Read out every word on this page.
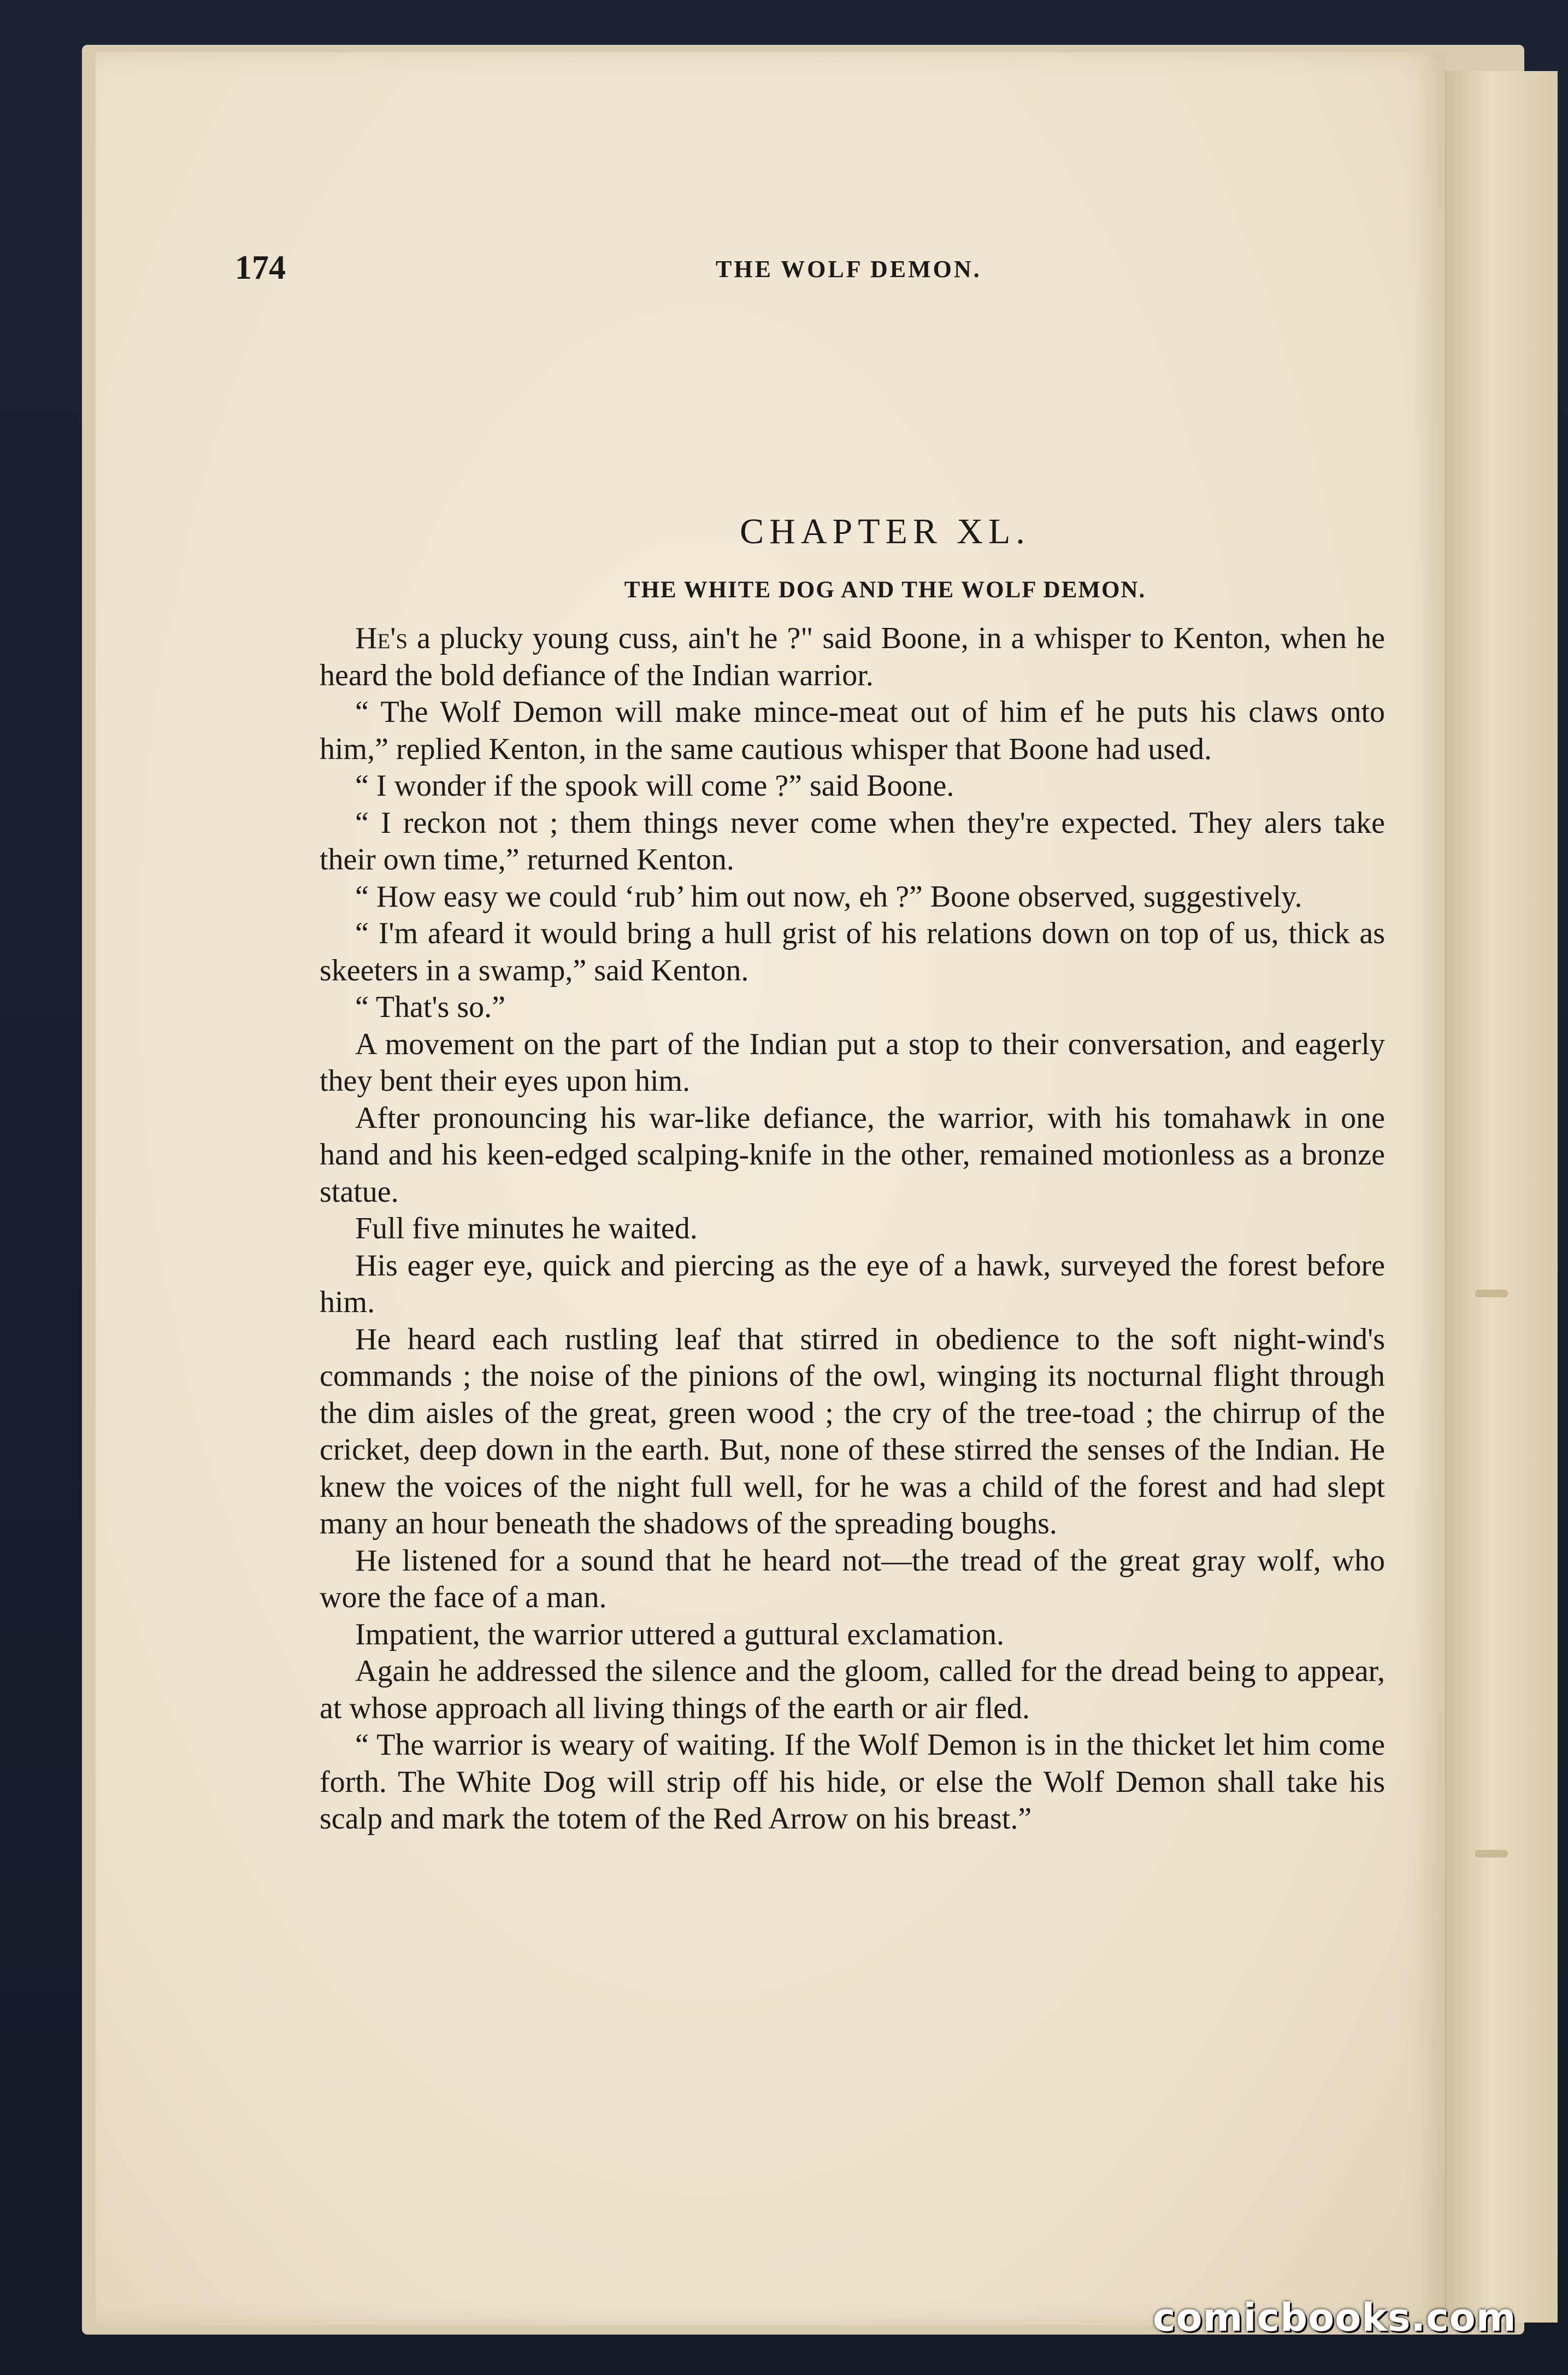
174	THE WOLF DEMON.
CHAPTER XL.
THE WHITE DOG AND THE WOLF DEMON.

He's a plucky young cuss, ain't he ?" said Boone, in a whisper to Kenton, when he heard the bold defiance of the Indian warrior.

“ The Wolf Demon will make mince-meat out of him ef he puts his claws onto him,” replied Kenton, in the same cautious whisper that Boone had used.

“ I wonder if the spook will come ?” said Boone.

“ I reckon not ; them things never come when they're expected. They alers take their own time,” returned Kenton.

“ How easy we could ‘rub’ him out now, eh ?” Boone observed, suggestively.

“ I'm afeard it would bring a hull grist of his relations down on top of us, thick as skeeters in a swamp,” said Kenton.

“ That's so.”

A movement on the part of the Indian put a stop to their conversation, and eagerly they bent their eyes upon him.

After pronouncing his war-like defiance, the warrior, with his tomahawk in one hand and his keen-edged scalping-knife in the other, remained motionless as a bronze statue.

Full five minutes he waited.

His eager eye, quick and piercing as the eye of a hawk, surveyed the forest before him.

He heard each rustling leaf that stirred in obedience to the soft night-wind's commands ; the noise of the pinions of the owl, winging its nocturnal flight through the dim aisles of the great, green wood ; the cry of the tree-toad ; the chirrup of the cricket, deep down in the earth. But, none of these stirred the senses of the Indian. He knew the voices of the night full well, for he was a child of the forest and had slept many an hour beneath the shadows of the spreading boughs.

He listened for a sound that he heard not—the tread of the great gray wolf, who wore the face of a man.

Impatient, the warrior uttered a guttural exclamation.

Again he addressed the silence and the gloom, called for the dread being to appear, at whose approach all living things of the earth or air fled.

“ The warrior is weary of waiting. If the Wolf Demon is in the thicket let him come forth. The White Dog will strip off his hide, or else the Wolf Demon shall take his scalp and mark the totem of the Red Arrow on his breast.”

comicbooks.com
